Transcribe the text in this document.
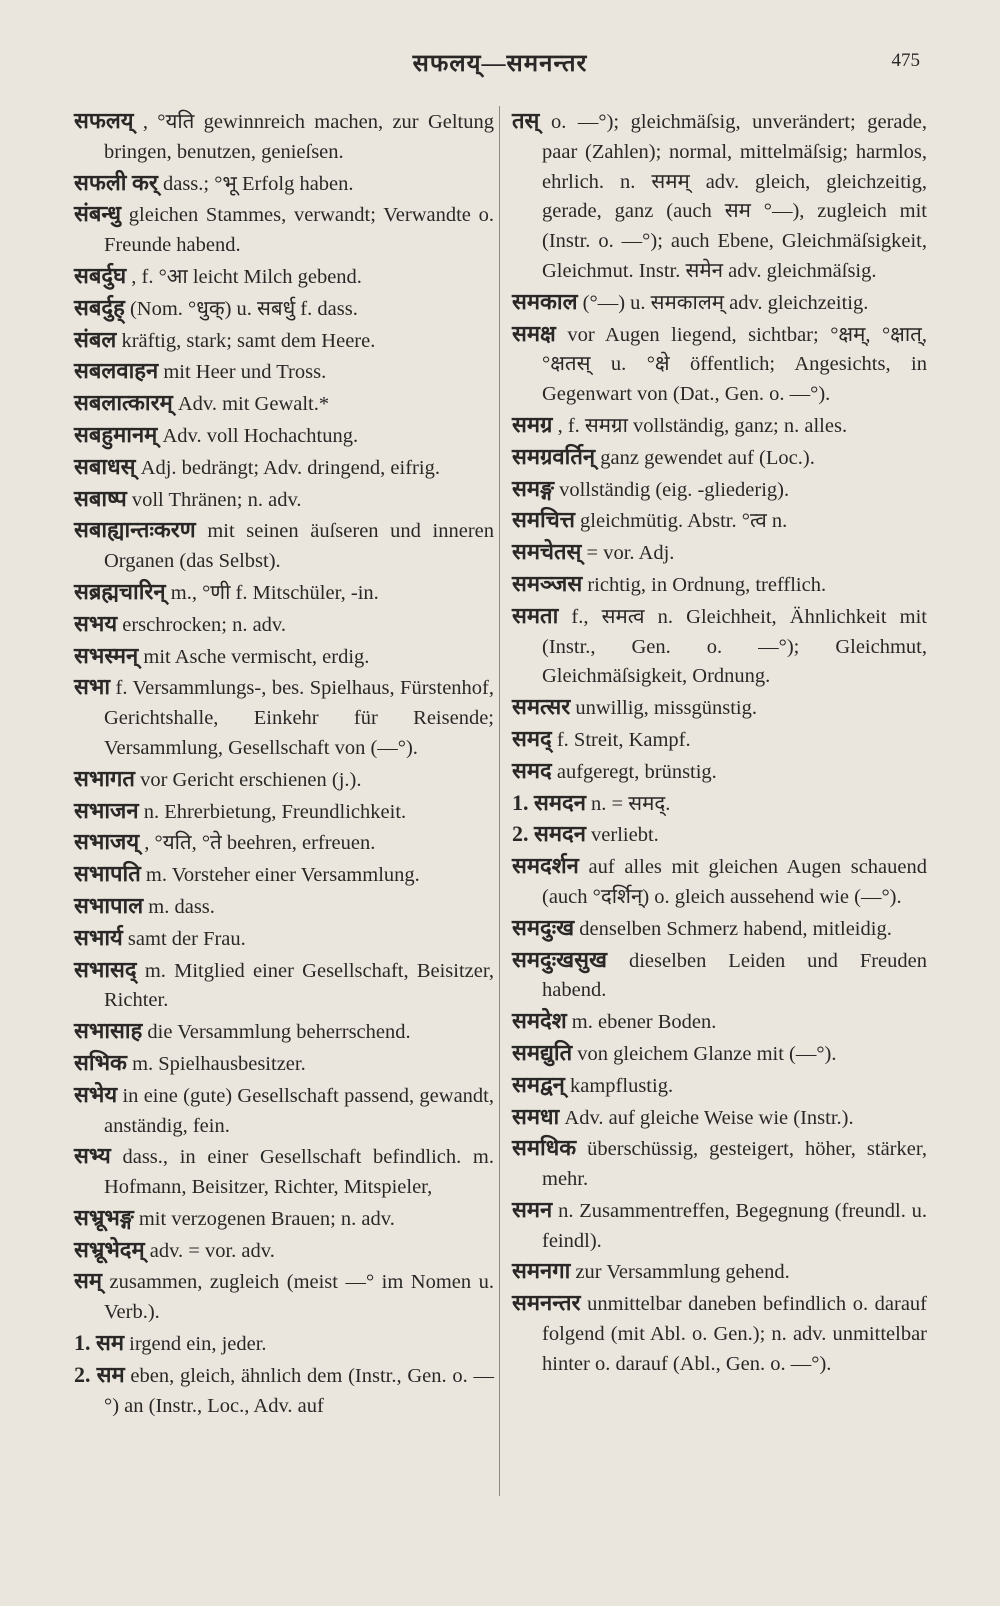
सफलय्—समनन्तर	475

सफलय् , °यति gewinnreich machen, zur Geltung bringen, benutzen, genieſsen.

सफली कर् dass.; °भू Erfolg haben.

संबन्धु gleichen Stammes, verwandt; Verwandte o. Freunde habend.

सबर्दुघ , f. °आ leicht Milch gebend.

सबर्दुह् (Nom. °धुक्) u. सबर्धु f. dass.

संबल kräftig, stark; samt dem Heere.

सबलवाहन mit Heer und Tross.

सबलात्कारम् Adv. mit Gewalt.*

सबहुमानम् Adv. voll Hochachtung.

सबाधस् Adj. bedrängt; Adv. dringend, eifrig.

सबाष्प voll Thränen; n. adv.

सबाह्यान्तःकरण mit seinen äuſseren und inneren Organen (das Selbst).

सब्रह्मचारिन् m., °णी f. Mitschüler, -in.

सभय erschrocken; n. adv.

सभस्मन् mit Asche vermischt, erdig.

सभा f. Versammlungs-, bes. Spielhaus, Fürstenhof, Gerichtshalle, Einkehr für Reisende; Versammlung, Gesellschaft von (—°).

सभागत vor Gericht erschienen (j.).

सभाजन n. Ehrerbietung, Freundlichkeit.

सभाजय् , °यति, °ते beehren, erfreuen.

सभापति m. Vorsteher einer Versammlung.

सभापाल m. dass.

सभार्य samt der Frau.

सभासद् m. Mitglied einer Gesellschaft, Beisitzer, Richter.

सभासाह die Versammlung beherrschend.

सभिक m. Spielhausbesitzer.

सभेय in eine (gute) Gesellschaft passend, gewandt, anständig, fein.

सभ्य dass., in einer Gesellschaft befindlich. m. Hofmann, Beisitzer, Richter, Mitspieler,

सभ्रूभङ्ग mit verzogenen Brauen; n. adv.

सभ्रूभेदम् adv. = vor. adv.

सम् zusammen, zugleich (meist —° im Nomen u. Verb.).

1. सम irgend ein, jeder.

2. सम eben, gleich, ähnlich dem (Instr., Gen. o. —°) an (Instr., Loc., Adv. auf

तस् o. —°); gleichmäſsig, unverändert; gerade, paar (Zahlen); normal, mittelmäſsig; harmlos, ehrlich. n. समम् adv. gleich, gleichzeitig, gerade, ganz (auch सम °—), zugleich mit (Instr. o. —°); auch Ebene, Gleichmäſsigkeit, Gleichmut. Instr. समेन adv. gleichmäſsig.

समकाल (°—) u. समकालम् adv. gleichzeitig.

समक्ष vor Augen liegend, sichtbar; °क्षम्, °क्षात्, °क्षतस् u. °क्षे öffentlich; Angesichts, in Gegenwart von (Dat., Gen. o. —°).

समग्र , f. समग्रा vollständig, ganz; n. alles.

समग्रवर्तिन् ganz gewendet auf (Loc.).

समङ्ग vollständig (eig. -gliederig).

समचित्त gleichmütig. Abstr. °त्व n.

समचेतस् = vor. Adj.

समञ्जस richtig, in Ordnung, trefflich.

समता f., समत्व n. Gleichheit, Ähnlichkeit mit (Instr., Gen. o. —°); Gleichmut, Gleichmäſsigkeit, Ordnung.

समत्सर unwillig, missgünstig.

समद् f. Streit, Kampf.

समद aufgeregt, brünstig.

1. समदन n. = समद्.

2. समदन verliebt.

समदर्शन auf alles mit gleichen Augen schauend (auch °दर्शिन्) o. gleich aussehend wie (—°).

समदुःख denselben Schmerz habend, mitleidig.

समदुःखसुख dieselben Leiden und Freuden habend.

समदेश m. ebener Boden.

समद्युति von gleichem Glanze mit (—°).

समद्वन् kampflustig.

समधा Adv. auf gleiche Weise wie (Instr.).

समधिक überschüssig, gesteigert, höher, stärker, mehr.

समन n. Zusammentreffen, Begegnung (freundl. u. feindl).

समनगा zur Versammlung gehend.

समनन्तर unmittelbar daneben befindlich o. darauf folgend (mit Abl. o. Gen.); n. adv. unmittelbar hinter o. darauf (Abl., Gen. o. —°).
